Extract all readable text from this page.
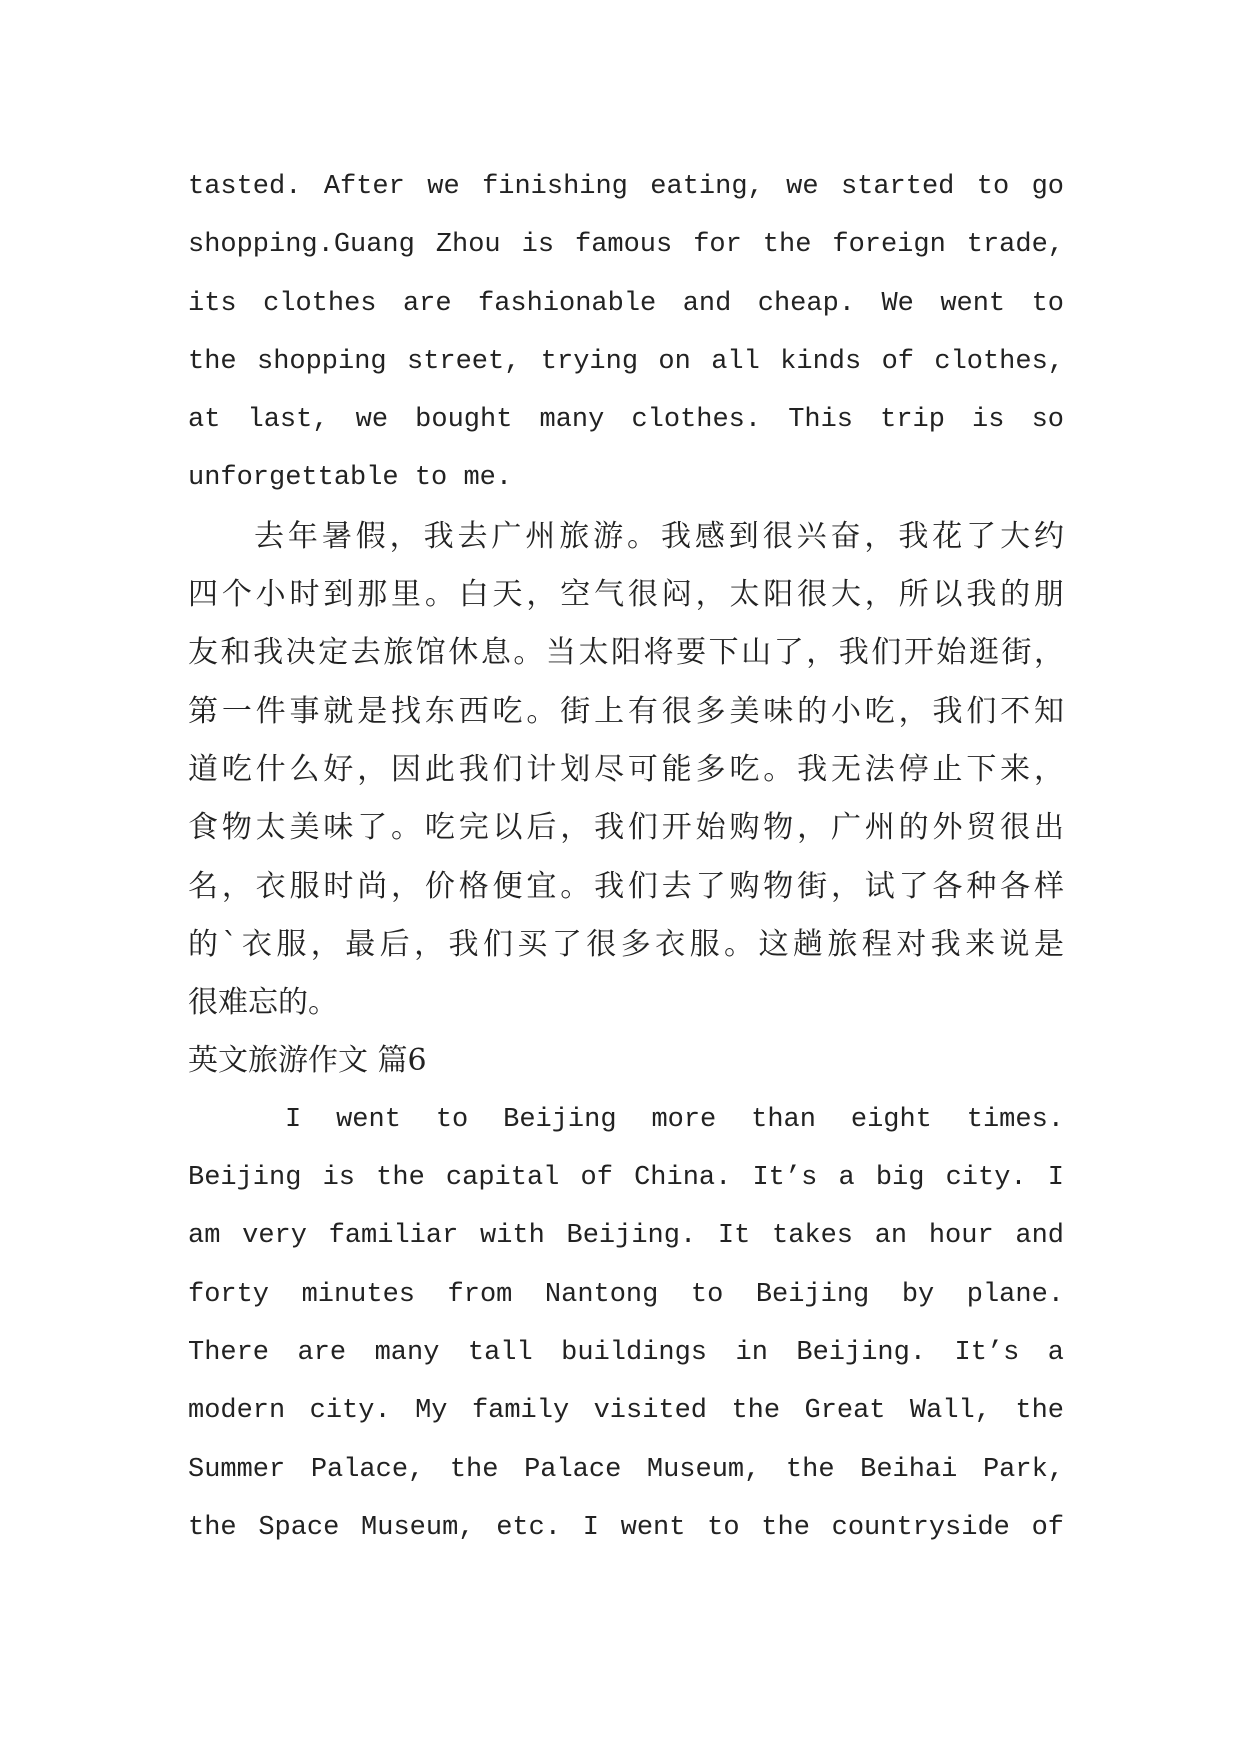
tasted. After we finishing eating, we started to go
shopping.Guang Zhou is famous for the foreign trade,
its clothes are fashionable and cheap. We went to
the shopping street, trying on all kinds of clothes,
at last, we bought many clothes. This trip is so
unforgettable to me.
去年暑假，我去广州旅游。我感到很兴奋，我花了大约
四个小时到那里。白天，空气很闷，太阳很大，所以我的朋
友和我决定去旅馆休息。当太阳将要下山了，我们开始逛街，
第一件事就是找东西吃。街上有很多美味的小吃，我们不知
道吃什么好，因此我们计划尽可能多吃。我无法停止下来，
食物太美味了。吃完以后，我们开始购物，广州的外贸很出
名，衣服时尚，价格便宜。我们去了购物街，试了各种各样
的`衣服，最后，我们买了很多衣服。这趟旅程对我来说是
很难忘的。
英文旅游作文 篇6
I went to Beijing more than eight times.
Beijing is the capital of China. It’s a big city. I
am very familiar with Beijing. It takes an hour and
forty minutes from Nantong to Beijing by plane.
There are many tall buildings in Beijing. It’s a
modern city. My family visited the Great Wall, the
Summer Palace, the Palace Museum, the Beihai Park,
the Space Museum, etc. I went to the countryside of
